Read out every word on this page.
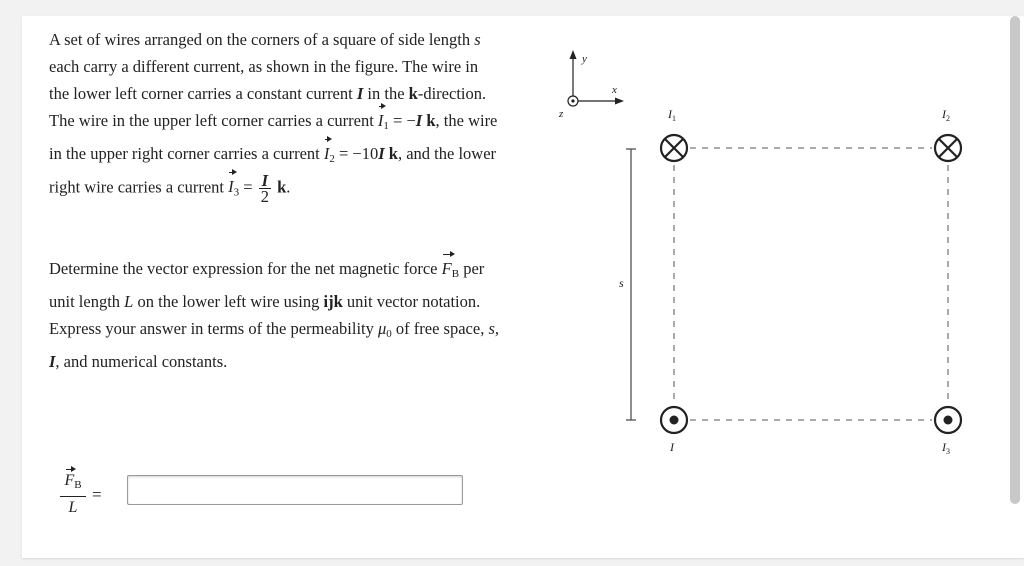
A set of wires arranged on the corners of a square of side length s each carry a different current, as shown in the figure. The wire in the lower left corner carries a constant current I in the k-direction. The wire in the upper left corner carries a current $I_1 = -I$ k, the wire in the upper right corner carries a current $I_2 = -10I$ k, and the lower right wire carries a current $I_3 = \frac{I}{2} k$.

Determine the vector expression for the net magnetic force $F_B$ per unit length L on the lower left wire using ijk unit vector notation. Express your answer in terms of the permeability $\mu_0$ of free space, s, I, and numerical constants.

$F_B$
L
=
y
x
z
s
$I_1$	$I_2$
I	$I_3$
